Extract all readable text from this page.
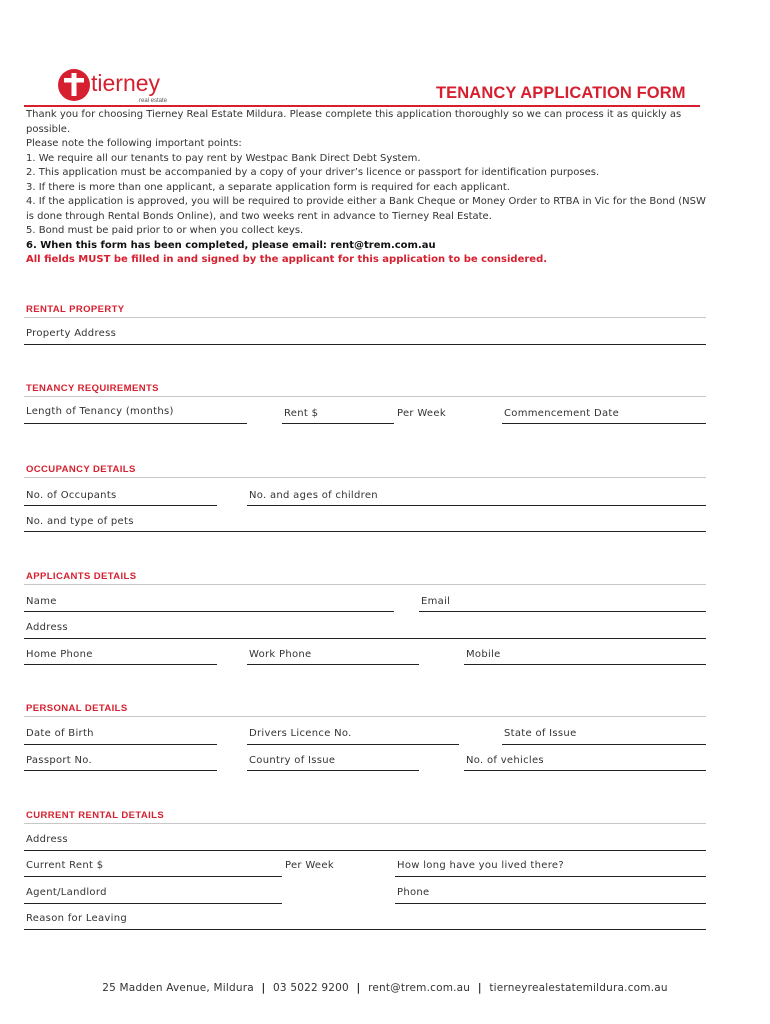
tierney
real estate	TENANCY APPLICATION FORM

Thank you for choosing Tierney Real Estate Mildura. Please complete this application thoroughly so we can process it as quickly as possible.

Please note the following important points:

1. We require all our tenants to pay rent by Westpac Bank Direct Debt System.

2. This application must be accompanied by a copy of your driver’s licence or passport for identification purposes.

3. If there is more than one applicant, a separate application form is required for each applicant.

4. If the application is approved, you will be required to provide either a Bank Cheque or Money Order to RTBA in Vic for the Bond (NSW is done through Rental Bonds Online), and two weeks rent in advance to Tierney Real Estate.

5. Bond must be paid prior to or when you collect keys.

6. When this form has been completed, please email: rent@trem.com.au

All fields MUST be filled in and signed by the applicant for this application to be considered.

RENTAL PROPERTY
Property Address
TENANCY REQUIREMENTS
Length of Tenancy (months)	Rent $	Per Week	Commencement Date
OCCUPANCY DETAILS
No. of Occupants	No. and ages of children
No. and type of pets
APPLICANTS DETAILS
Name	Email
Address
Home Phone	Work Phone	Mobile
PERSONAL DETAILS
Date of Birth	Drivers Licence No.	State of Issue
Passport No.	Country of Issue	No. of vehicles
CURRENT RENTAL DETAILS
Address
Current Rent $	Per Week	How long have you lived there?
Agent/Landlord	Phone
Reason for Leaving
25 Madden Avenue, Mildura | 03 5022 9200 | rent@trem.com.au | tierneyrealestatemildura.com.au
